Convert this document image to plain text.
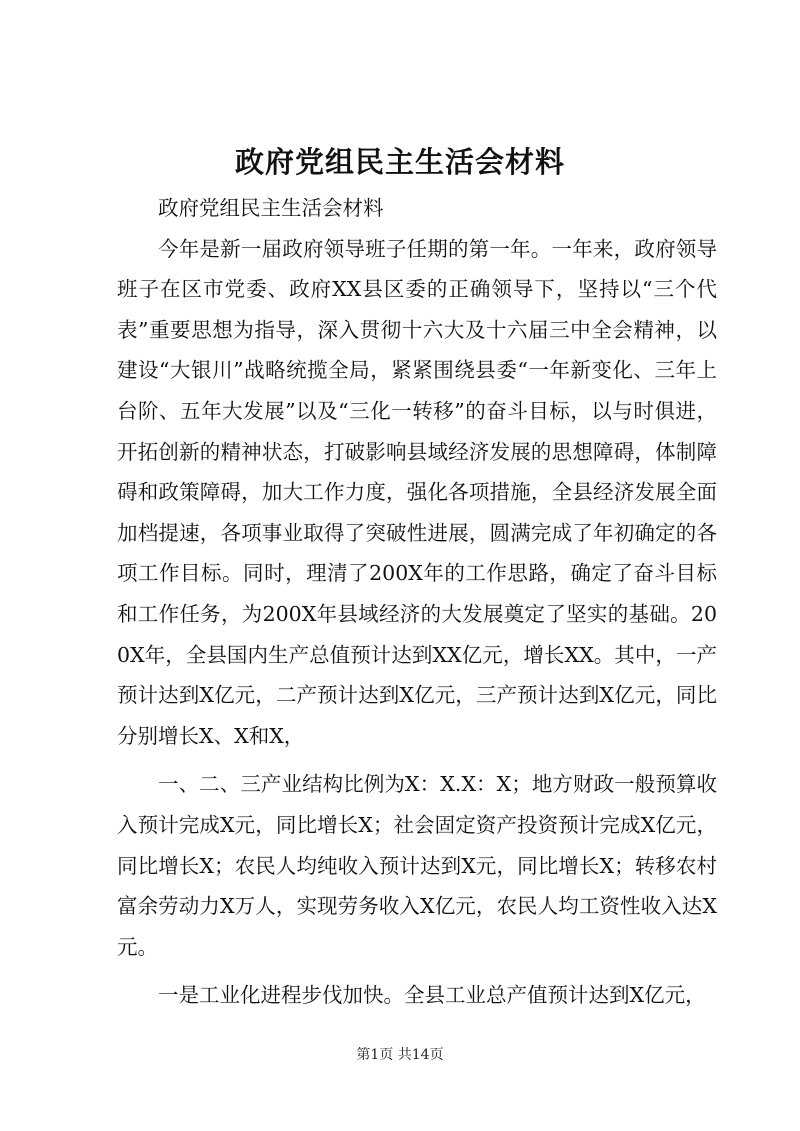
政府党组民主生活会材料

政府党组民主生活会材料

今年是新一届政府领导班子任期的第一年。一年来，政府领导班子在区市党委、政府XX县区委的正确领导下，坚持以“三个代表”重要思想为指导，深入贯彻十六大及十六届三中全会精神，以建设“大银川”战略统揽全局，紧紧围绕县委“一年新变化、三年上台阶、五年大发展”以及“三化一转移”的奋斗目标，以与时俱进，开拓创新的精神状态，打破影响县域经济发展的思想障碍，体制障碍和政策障碍，加大工作力度，强化各项措施，全县经济发展全面加档提速，各项事业取得了突破性进展，圆满完成了年初确定的各项工作目标。同时，理清了200X年的工作思路，确定了奋斗目标和工作任务，为200X年县域经济的大发展奠定了坚实的基础。200X年，全县国内生产总值预计达到XX亿元，增长XX。其中，一产预计达到X亿元，二产预计达到X亿元，三产预计达到X亿元，同比分别增长X、X和X，

一、二、三产业结构比例为X：X.X：X；地方财政一般预算收入预计完成X元，同比增长X；社会固定资产投资预计完成X亿元，同比增长X；农民人均纯收入预计达到X元，同比增长X；转移农村富余劳动力X万人，实现劳务收入X亿元，农民人均工资性收入达X元。

一是工业化进程步伐加快。全县工业总产值预计达到X亿元，

第1页 共14页
